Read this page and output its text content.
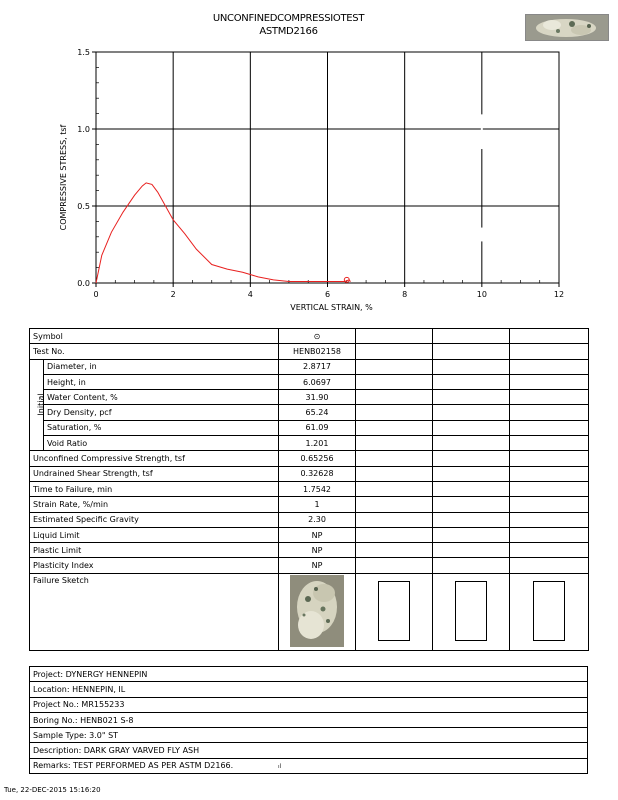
UNCONFINEDCOMPRESSIOTEST
ASTMD2166
0	2	4	6	8	10	12
0.0
0.5
1.0
1.5
VERTICAL STRAIN, %
COMPRESSIVE STRESS, tsf
Symbol		⊙			
Test No.		HENB02158			
Initial	Diameter, in	2.8717			
	Height, in	6.0697			
	Water Content, %	31.90			
	Dry Density, pcf	65.24			
	Saturation, %	61.09			
	Void Ratio	1.201			
Unconfined Compressive Strength, tsf		0.65256			
Undrained Shear Strength, tsf		0.32628			
Time to Failure, min		1.7542			
Strain Rate, %/min		1			
Estimated Specific Gravity		2.30			
Liquid Limit		NP			
Plastic Limit		NP			
Plasticity Index		NP			
Failure Sketch				
Project: DYNERGY HENNEPIN
Location: HENNEPIN, IL
Project No.: MR155233
Boring No.: HENB021 S-8
Sample Type: 3.0" ST
Description: DARK GRAY VARVED FLY ASH
Remarks: TEST PERFORMED AS PER ASTM D2166.	ıİ
Tue, 22-DEC-2015 15:16:20
